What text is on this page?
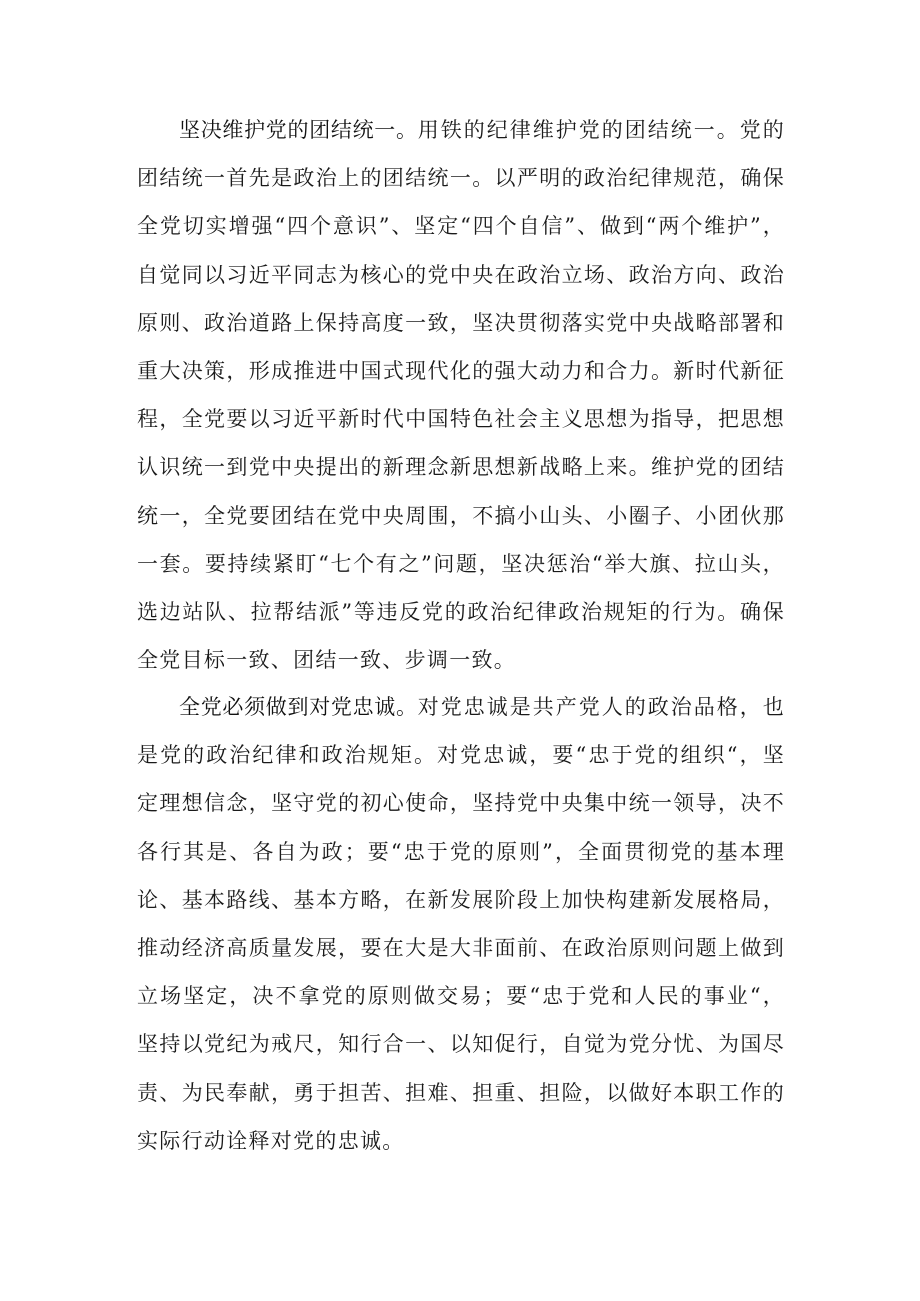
坚决维护党的团结统一。用铁的纪律维护党的团结统一。党的团结统一首先是政治上的团结统一。以严明的政治纪律规范，确保全党切实增强“四个意识”、坚定“四个自信”、做到“两个维护”，自觉同以习近平同志为核心的党中央在政治立场、政治方向、政治原则、政治道路上保持高度一致，坚决贯彻落实党中央战略部署和重大决策，形成推进中国式现代化的强大动力和合力。新时代新征程，全党要以习近平新时代中国特色社会主义思想为指导，把思想认识统一到党中央提出的新理念新思想新战略上来。维护党的团结统一，全党要团结在党中央周围，不搞小山头、小圈子、小团伙那一套。要持续紧盯“七个有之”问题，坚决惩治“举大旗、拉山头，选边站队、拉帮结派”等违反党的政治纪律政治规矩的行为。确保全党目标一致、团结一致、步调一致。

全党必须做到对党忠诚。对党忠诚是共产党人的政治品格，也是党的政治纪律和政治规矩。对党忠诚，要“忠于党的组织“，坚定理想信念，坚守党的初心使命，坚持党中央集中统一领导，决不各行其是、各自为政；要“忠于党的原则”，全面贯彻党的基本理论、基本路线、基本方略，在新发展阶段上加快构建新发展格局，推动经济高质量发展，要在大是大非面前、在政治原则问题上做到立场坚定，决不拿党的原则做交易；要“忠于党和人民的事业“，坚持以党纪为戒尺，知行合一、以知促行，自觉为党分忧、为国尽责、为民奉献，勇于担苦、担难、担重、担险，以做好本职工作的实际行动诠释对党的忠诚。
